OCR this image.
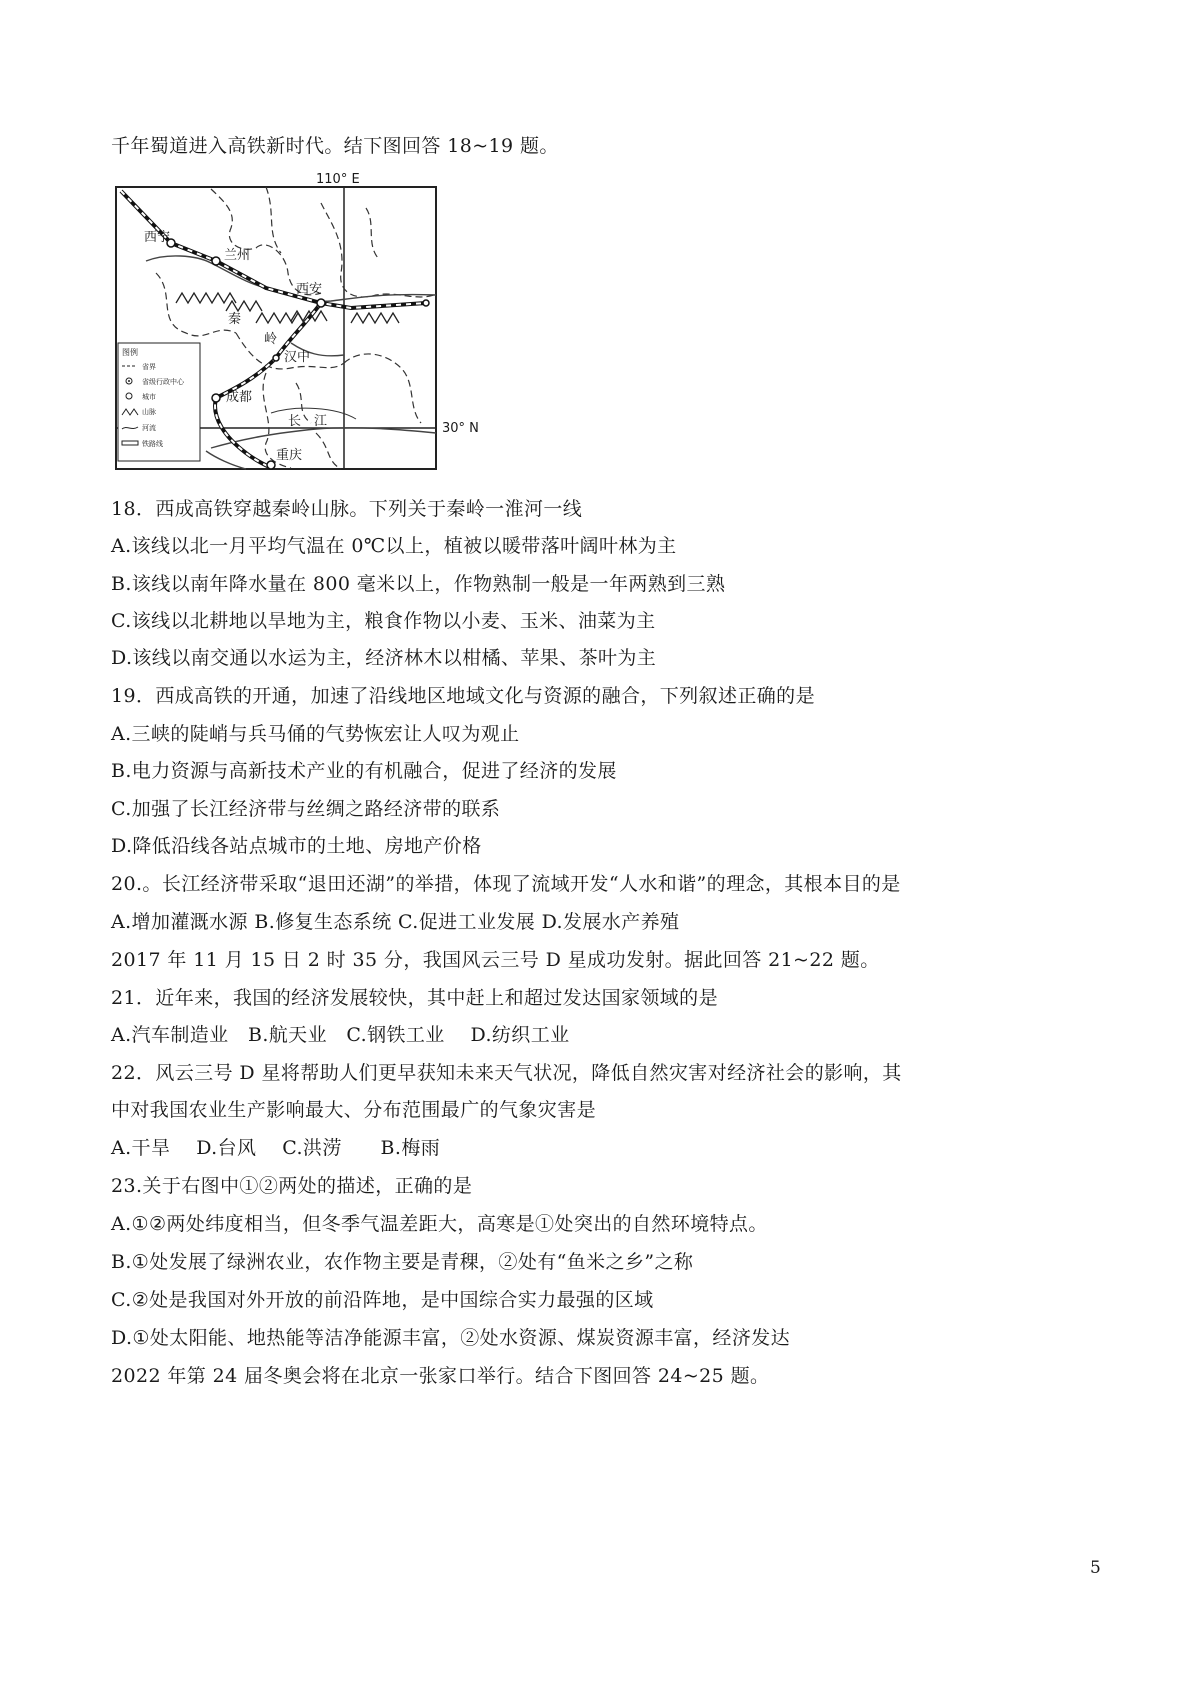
千年蜀道进入高铁新时代。结下图回答 18~19 题。
110° E
30° N
西宁
兰州
西安
秦
岭
汉中
成都
重庆
长　江
图例
省界
省级行政中心
城市
山脉
河流
铁路线
18．西成高铁穿越秦岭山脉。下列关于秦岭一淮河一线
A.该线以北一月平均气温在 0℃以上，植被以暖带落叶阔叶林为主
B.该线以南年降水量在 800 毫米以上，作物熟制一般是一年两熟到三熟
C.该线以北耕地以旱地为主，粮食作物以小麦、玉米、油菜为主
D.该线以南交通以水运为主，经济林木以柑橘、苹果、茶叶为主
19．西成高铁的开通，加速了沿线地区地域文化与资源的融合，下列叙述正确的是
A.三峡的陡峭与兵马俑的气势恢宏让人叹为观止
B.电力资源与高新技术产业的有机融合，促进了经济的发展
C.加强了长江经济带与丝绸之路经济带的联系
D.降低沿线各站点城市的土地、房地产价格
20.。长江经济带采取“退田还湖”的举措，体现了流域开发“人水和谐”的理念，其根本目的是
A.增加灌溉水源 B.修复生态系统 C.促进工业发展 D.发展水产养殖
2017 年 11 月 15 日 2 时 35 分，我国风云三号 D 星成功发射。据此回答 21~22 题。
21．近年来，我国的经济发展较快，其中赶上和超过发达国家领域的是
A.汽车制造业　B.航天业　C.钢铁工业　 D.纺织工业
22．风云三号 D 星将帮助人们更早获知未来天气状况，降低自然灾害对经济社会的影响，其
中对我国农业生产影响最大、分布范围最广的气象灾害是
A.干旱　 D.台风　 C.洪涝　　B.梅雨
23.关于右图中①②两处的描述，正确的是
A.①②两处纬度相当，但冬季气温差距大，高寒是①处突出的自然环境特点。
B.①处发展了绿洲农业，农作物主要是青稞，②处有“鱼米之乡”之称
C.②处是我国对外开放的前沿阵地，是中国综合实力最强的区域
D.①处太阳能、地热能等洁净能源丰富，②处水资源、煤炭资源丰富，经济发达
2022 年第 24 届冬奥会将在北京一张家口举行。结合下图回答 24~25 题。
5
